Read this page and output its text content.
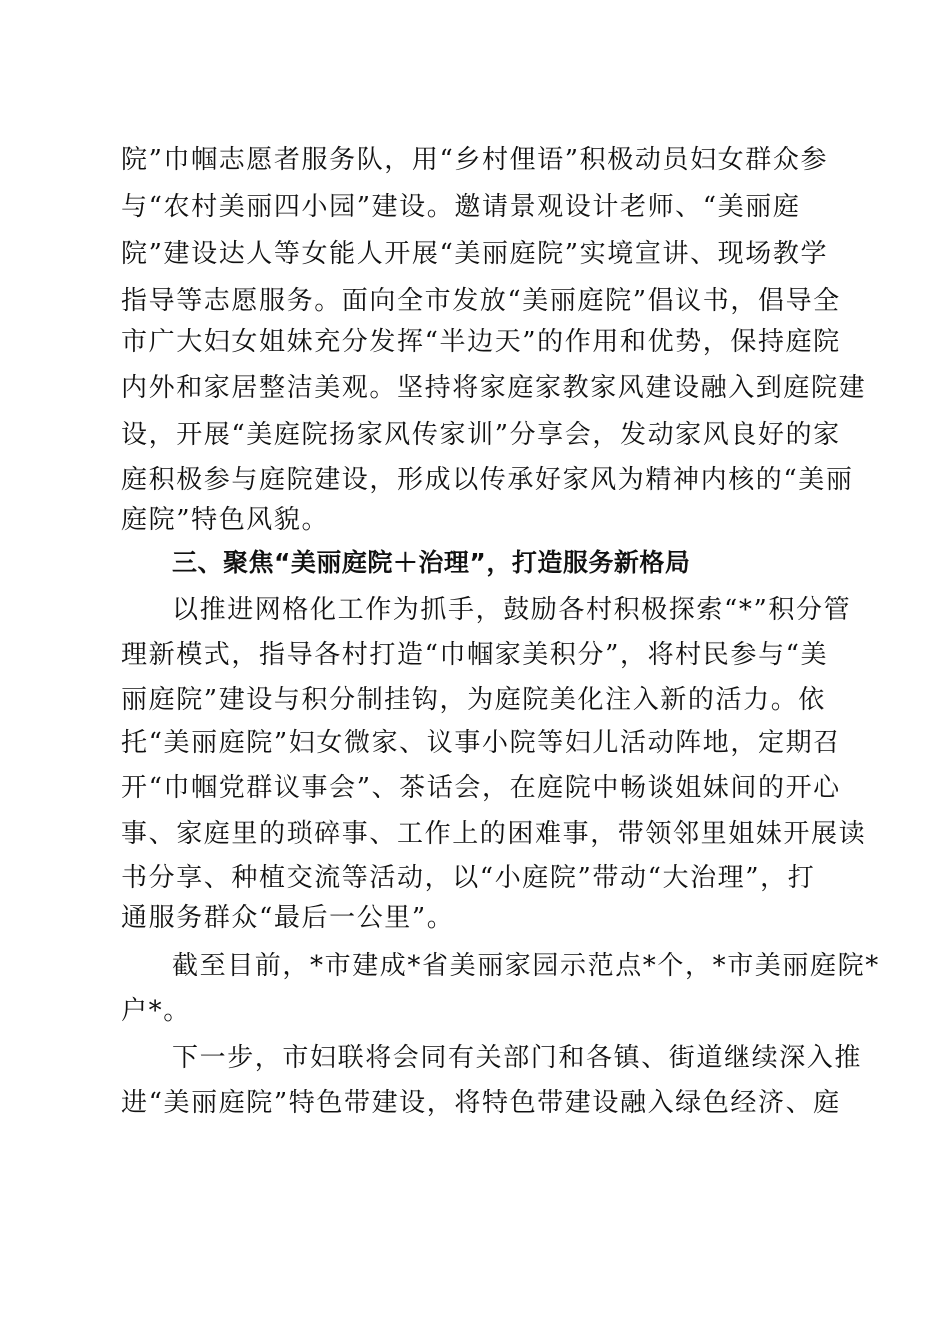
院”巾帼志愿者服务队，用“乡村俚语”积极动员妇女群众参
与“农村美丽四小园”建设。邀请景观设计老师、“美丽庭
院”建设达人等女能人开展“美丽庭院”实境宣讲、现场教学
指导等志愿服务。面向全市发放“美丽庭院”倡议书，倡导全
市广大妇女姐妹充分发挥“半边天”的作用和优势，保持庭院
内外和家居整洁美观。坚持将家庭家教家风建设融入到庭院建
设，开展“美庭院扬家风传家训”分享会，发动家风良好的家
庭积极参与庭院建设，形成以传承好家风为精神内核的“美丽
庭院”特色风貌。
三、聚焦“美丽庭院＋治理”，打造服务新格局
以推进网格化工作为抓手，鼓励各村积极探索“*”积分管
理新模式，指导各村打造“巾帼家美积分”，将村民参与“美
丽庭院”建设与积分制挂钩，为庭院美化注入新的活力。依
托“美丽庭院”妇女微家、议事小院等妇儿活动阵地，定期召
开“巾帼党群议事会”、茶话会，在庭院中畅谈姐妹间的开心
事、家庭里的琐碎事、工作上的困难事，带领邻里姐妹开展读
书分享、种植交流等活动，以“小庭院”带动“大治理”，打
通服务群众“最后一公里”。
截至目前，*市建成*省美丽家园示范点*个，*市美丽庭院*
户*。
下一步，市妇联将会同有关部门和各镇、街道继续深入推
进“美丽庭院”特色带建设，将特色带建设融入绿色经济、庭
